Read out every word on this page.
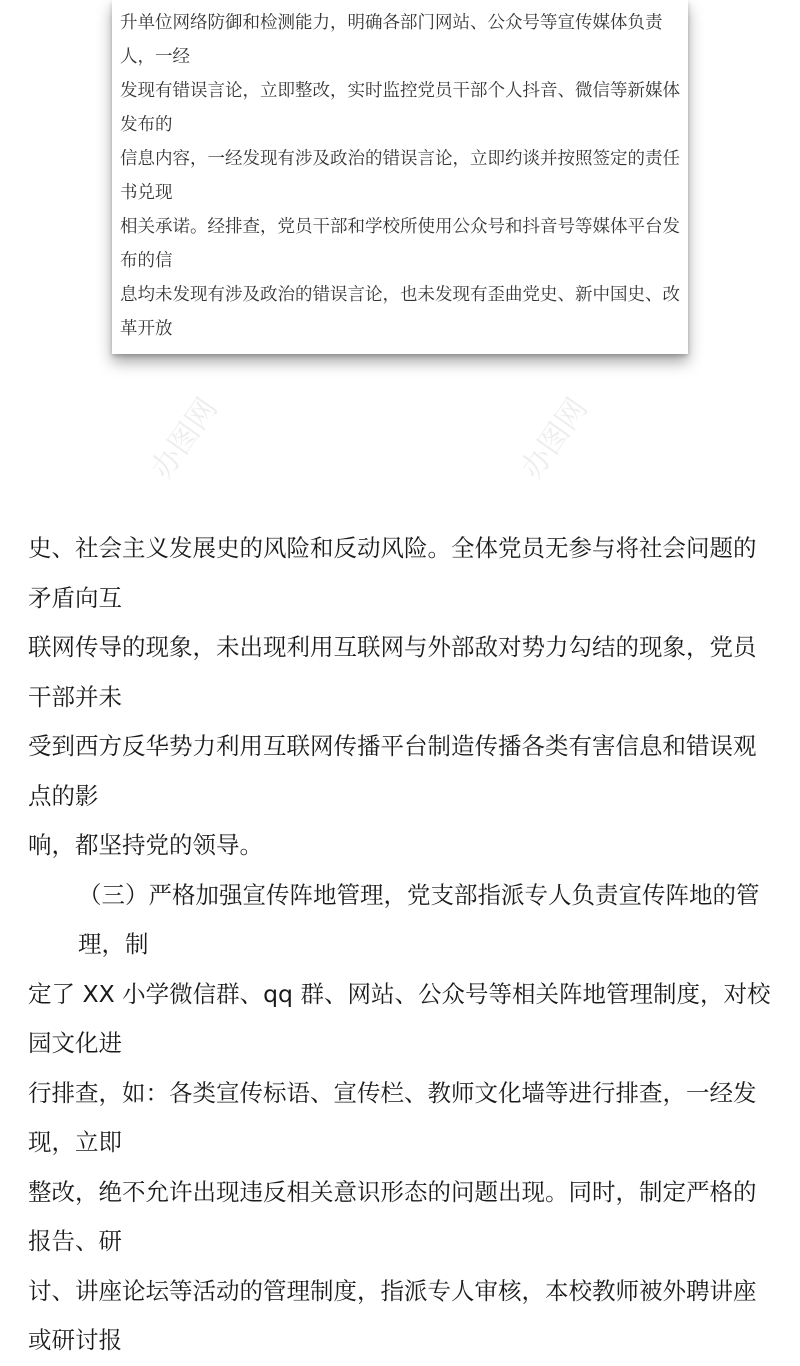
升单位网络防御和检测能力，明确各部门网站、公众号等宣传媒体负责人，一经
发现有错误言论，立即整改，实时监控党员干部个人抖音、微信等新媒体发布的
信息内容，一经发现有涉及政治的错误言论，立即约谈并按照签定的责任书兑现
相关承诺。经排查，党员干部和学校所使用公众号和抖音号等媒体平台发布的信
息均未发现有涉及政治的错误言论，也未发现有歪曲党史、新中国史、改革开放
办图网	办图网
史、社会主义发展史的风险和反动风险。全体党员无参与将社会问题的矛盾向互
联网传导的现象，未出现利用互联网与外部敌对势力勾结的现象，党员干部并未
受到西方反华势力利用互联网传播平台制造传播各类有害信息和错误观点的影
响，都坚持党的领导。
（三）严格加强宣传阵地管理，党支部指派专人负责宣传阵地的管理，制
定了 XX 小学微信群、qq 群、网站、公众号等相关阵地管理制度，对校园文化进
行排查，如：各类宣传标语、宣传栏、教师文化墙等进行排查，一经发现，立即
整改，绝不允许出现违反相关意识形态的问题出现。同时，制定严格的报告、研
讨、讲座论坛等活动的管理制度，指派专人审核，本校教师被外聘讲座或研讨报
